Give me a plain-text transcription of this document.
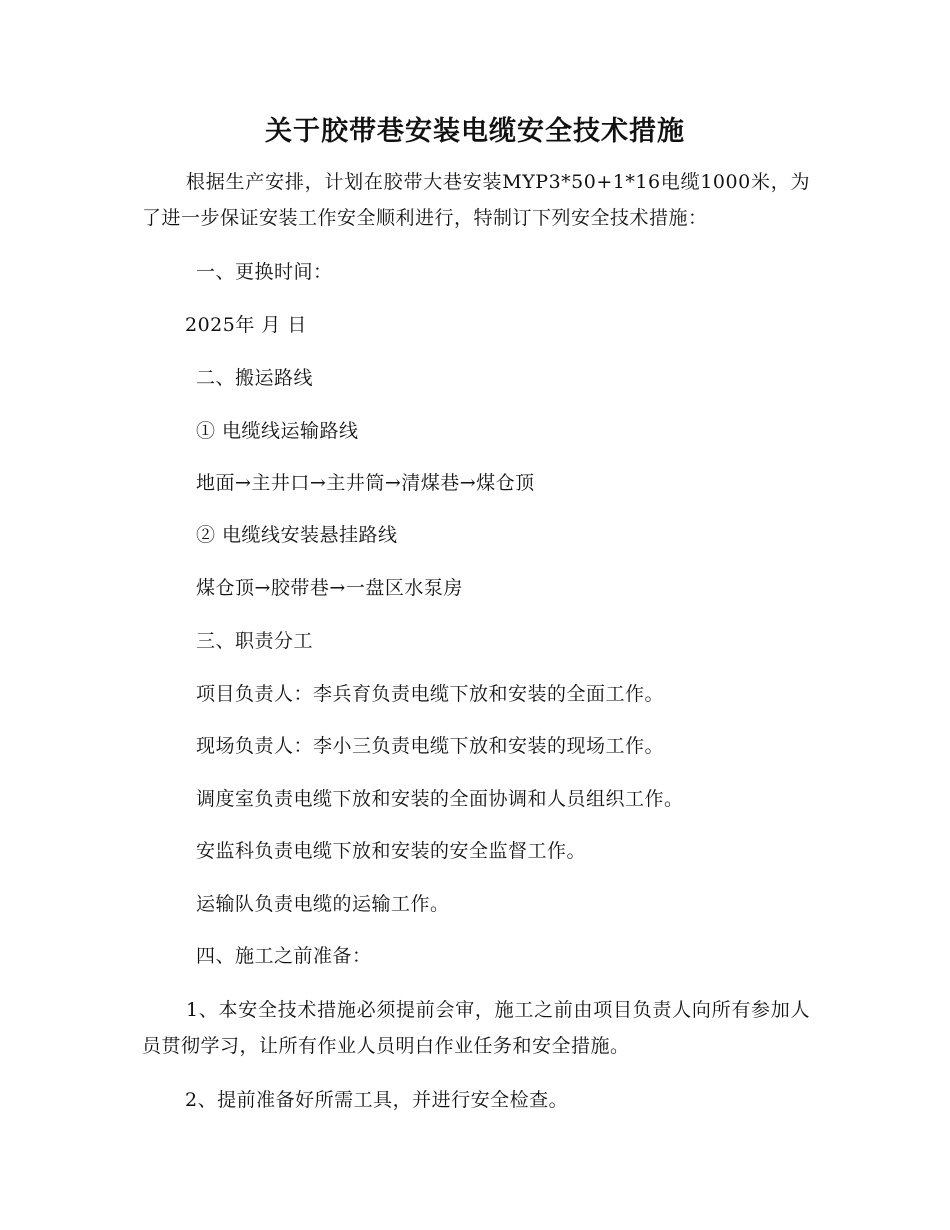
关于胶带巷安装电缆安全技术措施
根据生产安排，计划在胶带大巷安装MYP3*50+1*16电缆1000米，为了进一步保证安装工作安全顺利进行，特制订下列安全技术措施：
一、更换时间：
2025年 月 日
二、搬运路线
① 电缆线运输路线
地面→主井口→主井筒→清煤巷→煤仓顶
② 电缆线安装悬挂路线
煤仓顶→胶带巷→一盘区水泵房
三、职责分工
项目负责人：李兵育负责电缆下放和安装的全面工作。
现场负责人：李小三负责电缆下放和安装的现场工作。
调度室负责电缆下放和安装的全面协调和人员组织工作。
安监科负责电缆下放和安装的安全监督工作。
运输队负责电缆的运输工作。
四、施工之前准备：
1、本安全技术措施必须提前会审，施工之前由项目负责人向所有参加人员贯彻学习，让所有作业人员明白作业任务和安全措施。
2、提前准备好所需工具，并进行安全检查。
